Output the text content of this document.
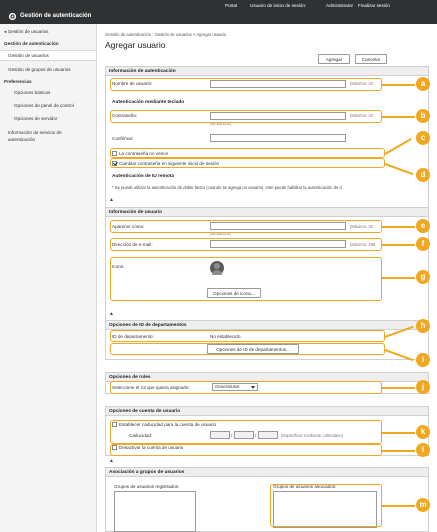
Portal	Usuario de inicio de sesión:	Administrator Finalizar sesión
Gestión de autenticación
◂ Gestión de usuarios
Gestión de autenticación
Gestión de usuarios
Gestión de grupos de usuarios
Preferencias
Opciones básicas
Opciones de panel de control
Opciones de servidor
Información de servicio de
autenticación
Gestión de autenticación : Gestión de usuarios > Agregar usuario
Agregar usuario
Agregar	Cancelar
Información de autenticación
Nombre de usuario:	(Máximo: 32
Autenticación mediante teclado
Contraseña:	(Máximo: 32
(9876543210)
Confirmar:
La contraseña no vence
Cambiar contraseña en siguiente inicio de sesión
Autenticación de IU remota
* Se puede utilizar la autenticación de doble factor (cuando se agrega un usuario), este puede habilitar la autenticación de d
▲
Información de usuario
Aparecer como:	(Máximo: 32
(9876543210)
Dirección de e-mail:	(Máximo: 256
Icono:
Opciones de icono...
▲
Opciones de ID de departamentos
ID de departamento:	No establecido.
Opciones de ID de departamentos...
Opciones de roles
Seleccione el rol que quiera asignarle:	GeneralUser
Opciones de cuenta de usuario
Establecer caducidad para la cuenta de usuario
Caducidad:	/	/	(Especificar mediante calendario)
Desactivar la cuenta de usuario
▲
Asociación a grupos de usuarios
Grupos de usuarios registrados:	Grupos de usuarios asociados:
a
b
c
d
e
f
g
h
i
j
k
l
m
